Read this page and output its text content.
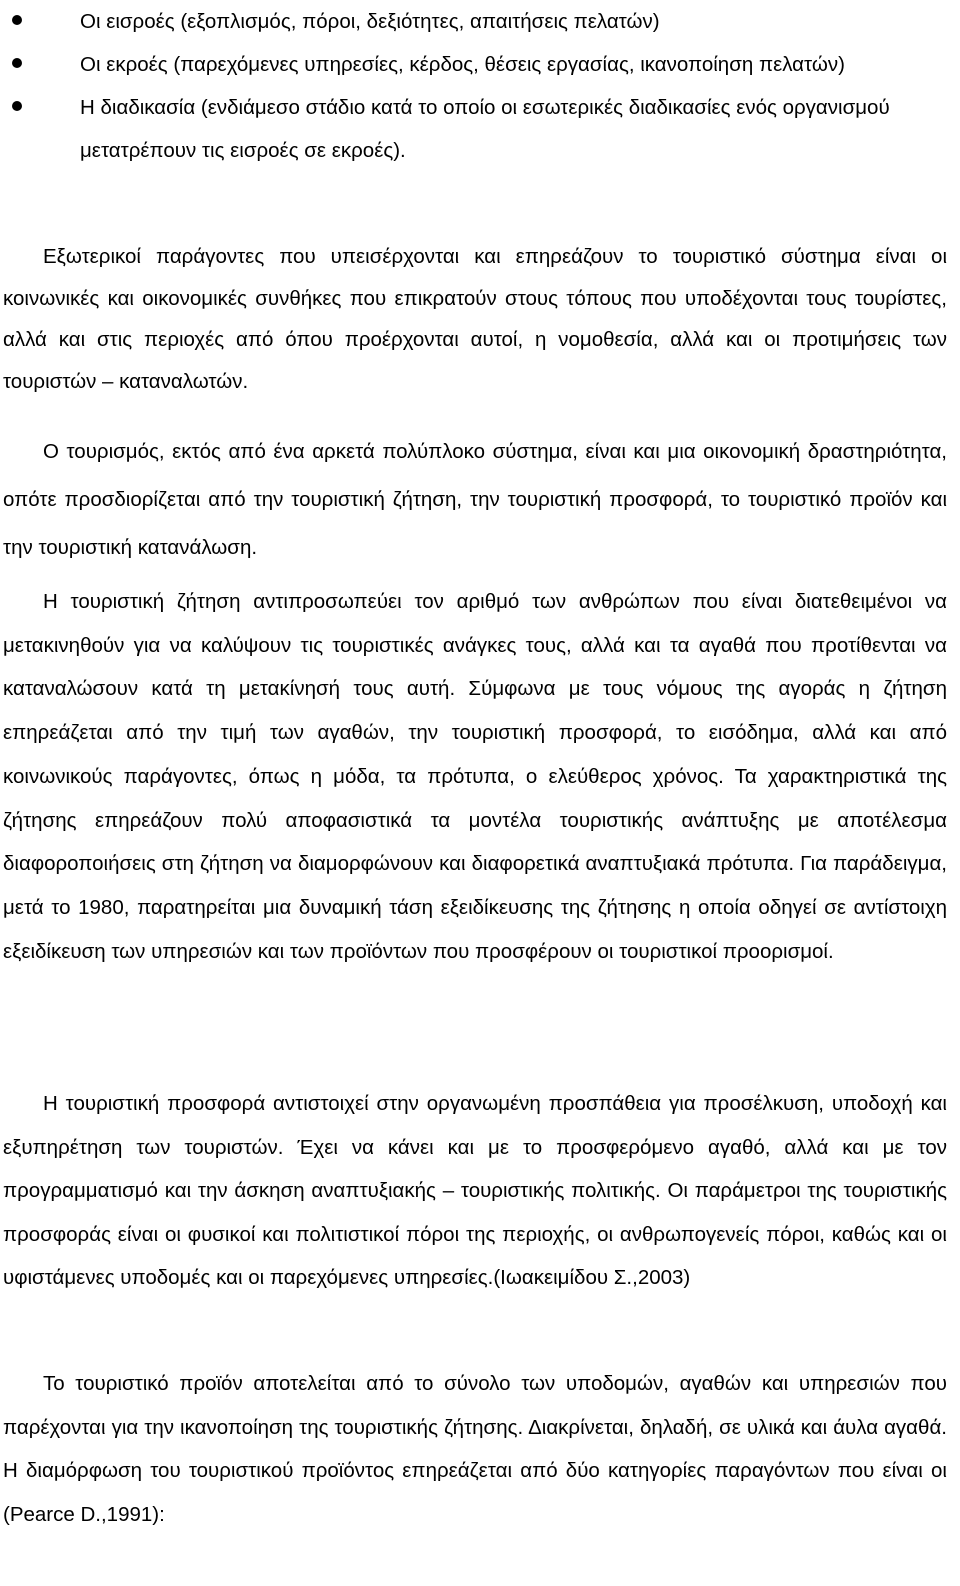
Οι εισροές (εξοπλισμός, πόροι, δεξιότητες, απαιτήσεις πελατών)
Οι εκροές (παρεχόμενες υπηρεσίες, κέρδος, θέσεις εργασίας, ικανοποίηση πελατών)
Η διαδικασία (ενδιάμεσο στάδιο κατά το οποίο οι εσωτερικές διαδικασίες ενός οργανισμού μετατρέπουν τις εισροές σε εκροές).

Εξωτερικοί παράγοντες που υπεισέρχονται και επηρεάζουν το τουριστικό σύστημα είναι οι κοινωνικές και οικονομικές συνθήκες που επικρατούν στους τόπους που υποδέχονται τους τουρίστες, αλλά και στις περιοχές από όπου προέρχονται αυτοί, η νομοθεσία, αλλά και οι προτιμήσεις των τουριστών – καταναλωτών.

Ο τουρισμός, εκτός από ένα αρκετά πολύπλοκο σύστημα, είναι και μια οικονομική δραστηριότητα, οπότε προσδιορίζεται από την τουριστική ζήτηση, την τουριστική προσφορά, το τουριστικό προϊόν και την τουριστική κατανάλωση.

Η τουριστική ζήτηση αντιπροσωπεύει τον αριθμό των ανθρώπων που είναι διατεθειμένοι να μετακινηθούν για να καλύψουν τις τουριστικές ανάγκες τους, αλλά και τα αγαθά που προτίθενται να καταναλώσουν κατά τη μετακίνησή τους αυτή. Σύμφωνα με τους νόμους της αγοράς η ζήτηση επηρεάζεται από την τιμή των αγαθών, την τουριστική προσφορά, το εισόδημα, αλλά και από κοινωνικούς παράγοντες, όπως η μόδα, τα πρότυπα, ο ελεύθερος χρόνος. Τα χαρακτηριστικά της ζήτησης επηρεάζουν πολύ αποφασιστικά τα μοντέλα τουριστικής ανάπτυξης με αποτέλεσμα διαφοροποιήσεις στη ζήτηση να διαμορφώνουν και διαφορετικά αναπτυξιακά πρότυπα. Για παράδειγμα, μετά το 1980, παρατηρείται μια δυναμική τάση εξειδίκευσης της ζήτησης η οποία οδηγεί σε αντίστοιχη εξειδίκευση των υπηρεσιών και των προϊόντων που προσφέρουν οι τουριστικοί προορισμοί.

Η τουριστική προσφορά αντιστοιχεί στην οργανωμένη προσπάθεια για προσέλκυση, υποδοχή και εξυπηρέτηση των τουριστών. Έχει να κάνει και με το προσφερόμενο αγαθό, αλλά και με τον προγραμματισμό και την άσκηση αναπτυξιακής – τουριστικής πολιτικής. Οι παράμετροι της τουριστικής προσφοράς είναι οι φυσικοί και πολιτιστικοί πόροι της περιοχής, οι ανθρωπογενείς πόροι, καθώς και οι υφιστάμενες υποδομές και οι παρεχόμενες υπηρεσίες.(Ιωακειμίδου Σ.,2003)

Το τουριστικό προϊόν αποτελείται από το σύνολο των υποδομών, αγαθών και υπηρεσιών που παρέχονται για την ικανοποίηση της τουριστικής ζήτησης. Διακρίνεται, δηλαδή, σε υλικά και άυλα αγαθά. Η διαμόρφωση του τουριστικού προϊόντος επηρεάζεται από δύο κατηγορίες παραγόντων που είναι οι (Pearce D.,1991):
